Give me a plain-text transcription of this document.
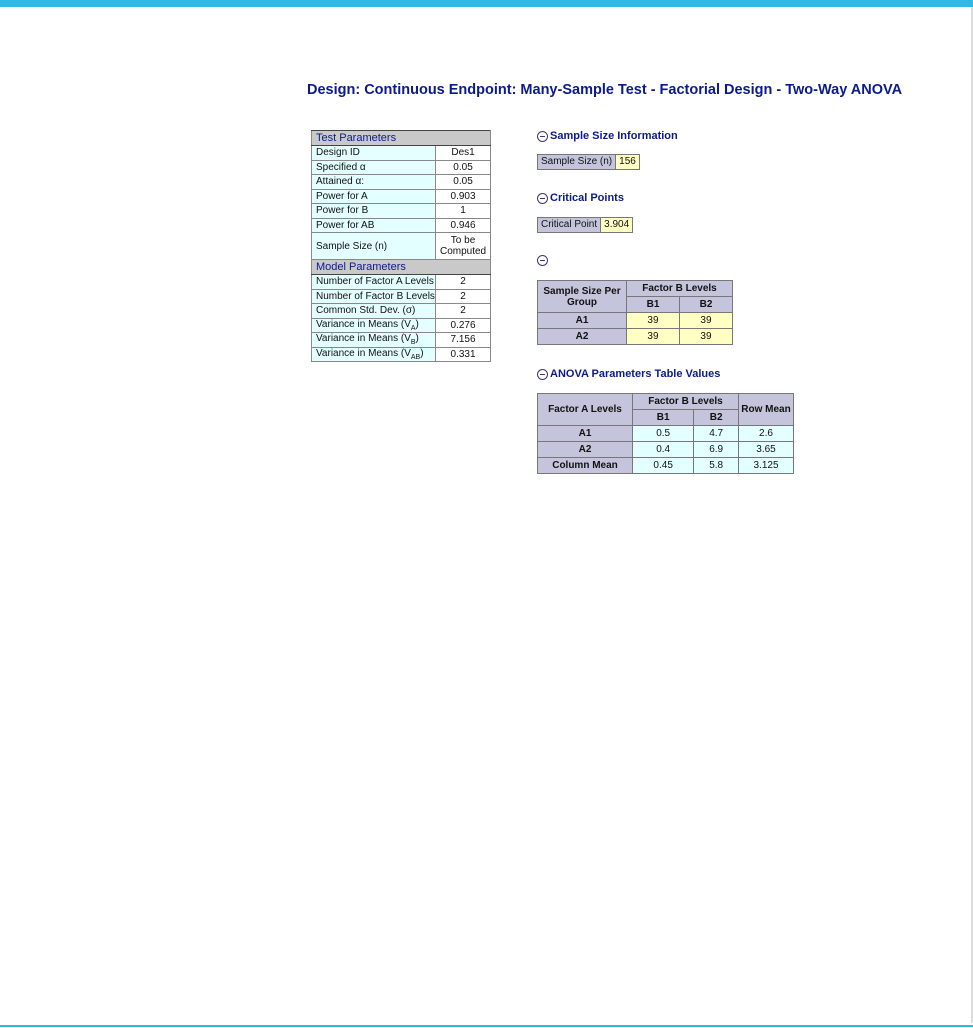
Design: Continuous Endpoint: Many-Sample Test - Factorial Design - Two-Way ANOVA
Test Parameters	
Design ID	Des1
Specified α	0.05
Attained α:	0.05
Power for A	0.903
Power for B	1
Power for AB	0.946
Sample Size (n)	To be Computed
Model Parameters	
Number of Factor A Levels	2
Number of Factor B Levels	2
Common Std. Dev. (σ)	2
Variance in Means $(V_A)$	0.276
Variance in Means $(V_B)$	7.156
Variance in Means $(V_{AB})$	0.331
Sample Size Information
Sample Size (n) 156
Critical Points
Critical Point 3.904
Sample Size Per Group	Factor B Levels	
	B1	B2
A1	39	39
A2	39	39
ANOVA Parameters Table Values
Factor A Levels	Factor B Levels		Row Mean
	B1	B2	
A1	0.5	4.7	2.6
A2	0.4	6.9	3.65
Column Mean	0.45	5.8	3.125
